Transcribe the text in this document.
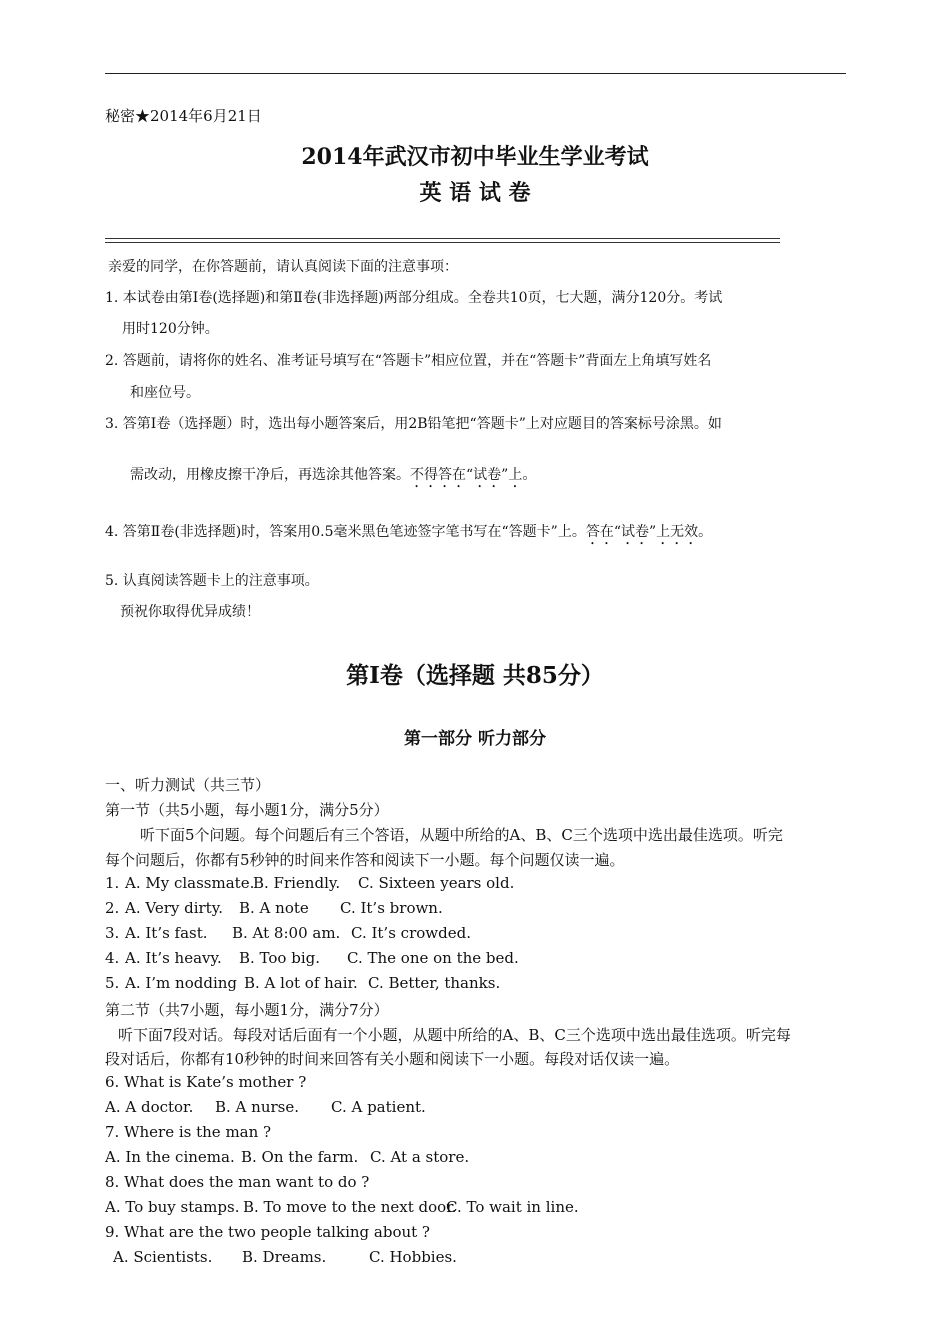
秘密★2014年6月21日
2014年武汉市初中毕业生学业考试
英 语 试 卷
亲爱的同学，在你答题前，请认真阅读下面的注意事项：
1. 本试卷由第Ⅰ卷(选择题)和第Ⅱ卷(非选择题)两部分组成。全卷共10页，七大题，满分120分。考试
用时120分钟。
2. 答题前，请将你的姓名、准考证号填写在“答题卡”相应位置，并在“答题卡”背面左上角填写姓名
和座位号。
3. 答第Ⅰ卷（选择题）时，选出每小题答案后，用2B铅笔把“答题卡”上对应题目的答案标号涂黑。如
需改动，用橡皮擦干净后，再选涂其他答案。不得答在“试卷”上。
4. 答第Ⅱ卷(非选择题)时，答案用0.5毫米黑色笔迹签字笔书写在“答题卡”上。答在“试卷”上无效。
5. 认真阅读答题卡上的注意事项。
预祝你取得优异成绩！
第Ⅰ卷（选择题 共85分）
第一部分 听力部分
一、听力测试（共三节）
第一节（共5小题，每小题1分，满分5分）
听下面5个问题。每个问题后有三个答语，从题中所给的A、B、C三个选项中选出最佳选项。听完
每个问题后，你都有5秒钟的时间来作答和阅读下一小题。每个问题仅读一遍。
1. A. My classmate.
B. Friendly. C. Sixteen years old.
2. A. Very dirty. B. A note C. It’s brown.
3. A. It’s fast. B. At 8:00 am. C. It’s crowded.
4. A. It’s heavy. B. Too big. C. The one on the bed.
5. A. I’m nodding B. A lot of hair. C. Better, thanks.
第二节（共7小题，每小题1分，满分7分）
听下面7段对话。每段对话后面有一个小题，从题中所给的A、B、C三个选项中选出最佳选项。听完每
段对话后，你都有10秒钟的时间来回答有关小题和阅读下一小题。每段对话仅读一遍。
6. What is Kate’s mother ?
A. A doctor. B. A nurse. C. A patient.
7. Where is the man ?
A. In the cinema. B. On the farm. C. At a store.
8. What does the man want to do ?
A. To buy stamps. B. To move to the next door.
C. To wait in line.
9. What are the two people talking about ?
A. Scientists. B. Dreams.	C. Hobbies.
